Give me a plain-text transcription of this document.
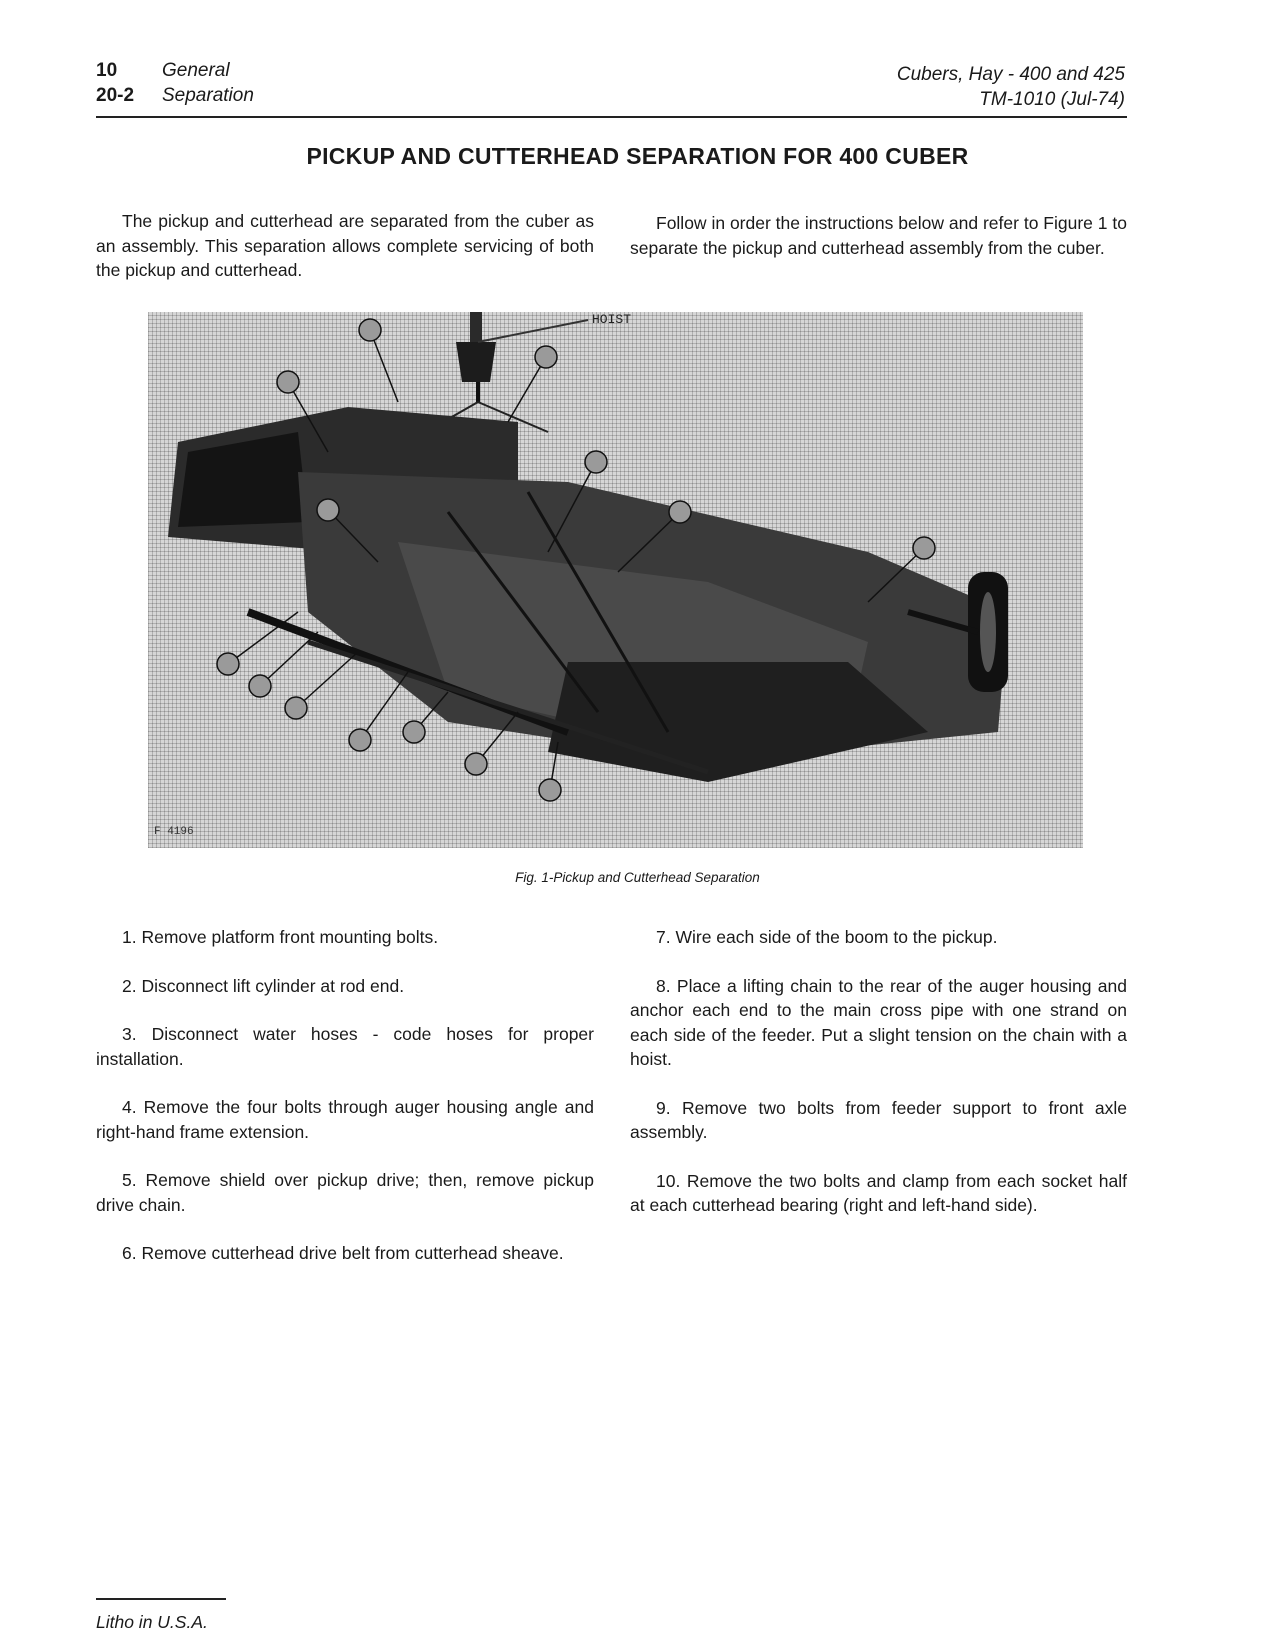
10	General
20-2	Separation
Cubers, Hay - 400 and 425
TM-1010 (Jul-74)
PICKUP AND CUTTERHEAD SEPARATION FOR 400 CUBER
The pickup and cutterhead are separated from the cuber as an assembly. This separation allows complete servicing of both the pickup and cutterhead.
Follow in order the instructions below and refer to Figure 1 to separate the pickup and cutterhead assembly from the cuber.
HOIST
F 4196
Fig. 1-Pickup and Cutterhead Separation

1. Remove platform front mounting bolts.

2. Disconnect lift cylinder at rod end.

3. Disconnect water hoses - code hoses for proper installation.

4. Remove the four bolts through auger housing angle and right-hand frame extension.

5. Remove shield over pickup drive; then, remove pickup drive chain.

6. Remove cutterhead drive belt from cutterhead sheave.

7. Wire each side of the boom to the pickup.

8. Place a lifting chain to the rear of the auger housing and anchor each end to the main cross pipe with one strand on each side of the feeder. Put a slight tension on the chain with a hoist.

9. Remove two bolts from feeder support to front axle assembly.

10. Remove the two bolts and clamp from each socket half at each cutterhead bearing (right and left-hand side).

Litho in U.S.A.
